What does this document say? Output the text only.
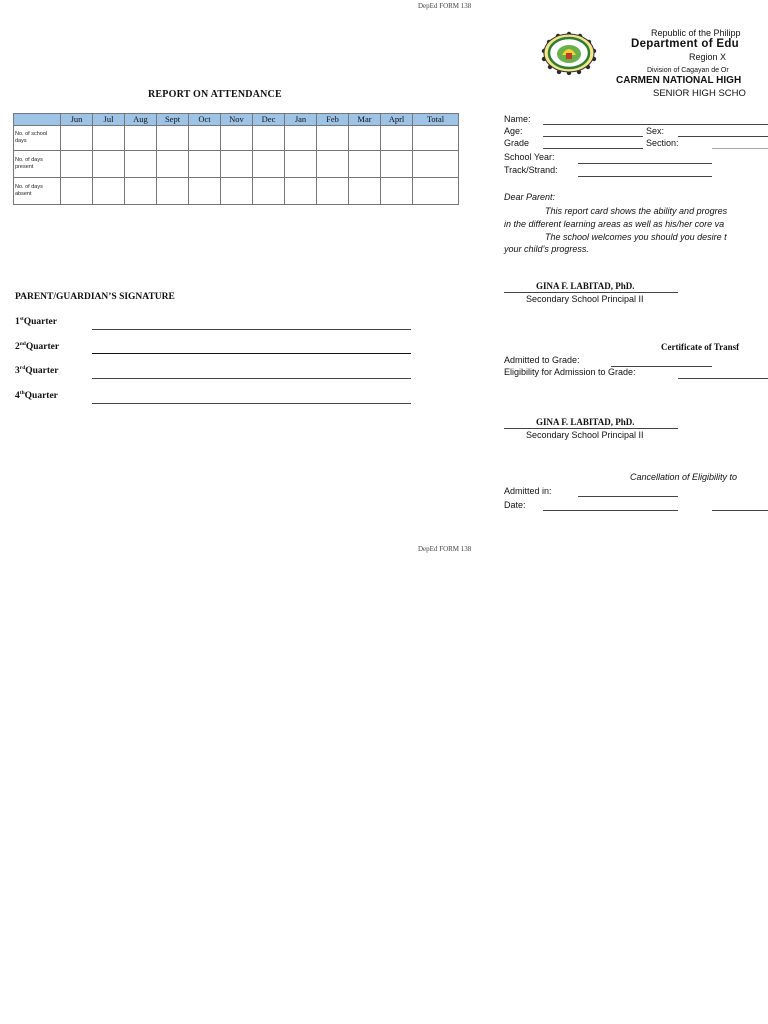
DepEd FORM 138
DepEd FORM 138
REPORT ON ATTENDANCE
	Jun	Jul	Aug	Sept	Oct	Nov	Dec	Jan	Feb	Mar	Aprl	Total
No. of school days												
No. of days present												
No. of days absent												
PARENT/GUARDIAN’S SIGNATURE
1stQuarter
2ndQuarter
3rdQuarter
4thQuarter
Republic of the Philipp
Department of Edu
Region X
Division of Cagayan de Or
CARMEN NATIONAL HIGH
SENIOR HIGH SCHO
Name:
Age:	Sex:
Grade	Section:
School Year:
Track/Strand:
Dear Parent:
This report card shows the ability and progres
in the different learning areas as well as his/her core va
The school welcomes you should you desire t
your child’s progress.
GINA F. LABITAD, PhD.
Secondary School Principal II
Certificate of Transf
Admitted to Grade:
Eligibility for Admission to Grade:
GINA F. LABITAD, PhD.
Secondary School Principal II
Cancellation of Eligibility to
Admitted in:
Date:
